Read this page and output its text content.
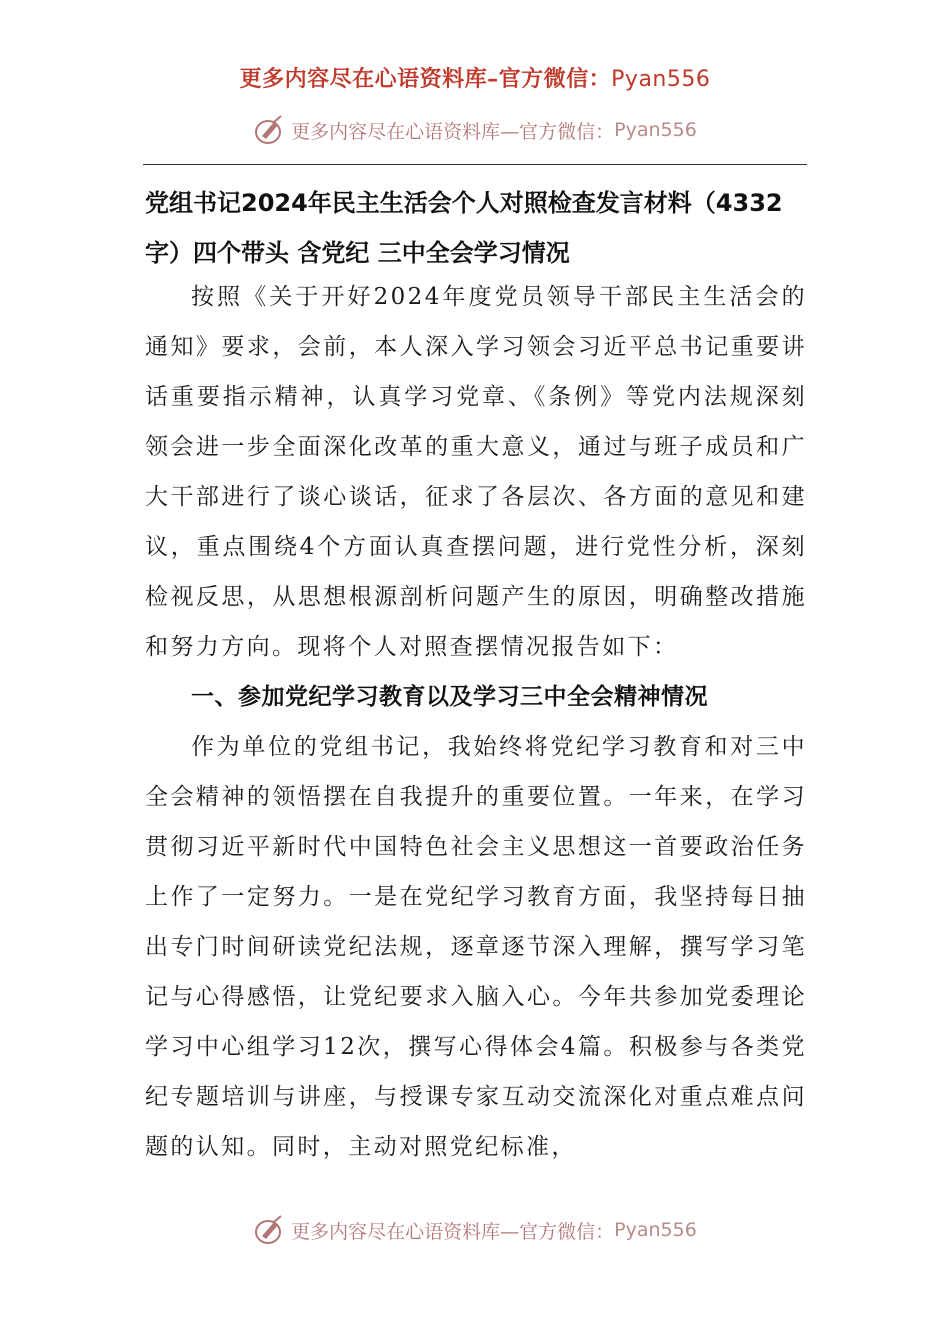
更多内容尽在心语资料库–官方微信：Pyan556
更多内容尽在心语资料库—官方微信： Pyan556
党组书记2024年民主生活会个人对照检查发言材料（4332字）四个带头 含党纪 三中全会学习情况

按照《关于开好2024年度党员领导干部民主生活会的通知》要求，会前，本人深入学习领会习近平总书记重要讲话重要指示精神，认真学习党章、《条例》等党内法规深刻领会进一步全面深化改革的重大意义，通过与班子成员和广大干部进行了谈心谈话，征求了各层次、各方面的意见和建议，重点围绕4个方面认真查摆问题，进行党性分析，深刻检视反思，从思想根源剖析问题产生的原因，明确整改措施和努力方向。现将个人对照查摆情况报告如下：

一、参加党纪学习教育以及学习三中全会精神情况

作为单位的党组书记，我始终将党纪学习教育和对三中全会精神的领悟摆在自我提升的重要位置。一年来，在学习贯彻习近平新时代中国特色社会主义思想这一首要政治任务上作了一定努力。一是在党纪学习教育方面，我坚持每日抽出专门时间研读党纪法规，逐章逐节深入理解，撰写学习笔记与心得感悟，让党纪要求入脑入心。今年共参加党委理论学习中心组学习12次，撰写心得体会4篇。积极参与各类党纪专题培训与讲座，与授课专家互动交流深化对重点难点问题的认知。同时，主动对照党纪标准，

更多内容尽在心语资料库—官方微信： Pyan556
